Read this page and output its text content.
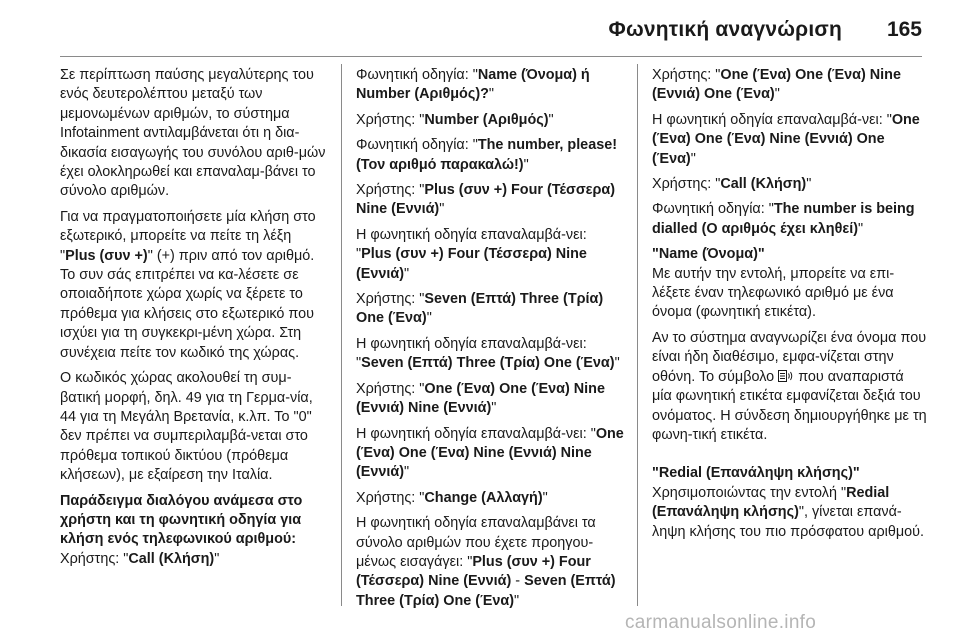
Φωνητική αναγνώριση 165

Σε περίπτωση παύσης μεγαλύτερης του ενός δευτερολέπτου μεταξύ των μεμονωμένων αριθμών, το σύστημα Infotainment αντιλαμβάνεται ότι η δια-δικασία εισαγωγής του συνόλου αριθ-μών έχει ολοκληρωθεί και επαναλαμ-βάνει το σύνολο αριθμών.

Για να πραγματοποιήσετε μία κλήση στο εξωτερικό, μπορείτε να πείτε τη λέξη "Plus (συν +)" (+) πριν από τον αριθμό. Το συν σάς επιτρέπει να κα-λέσετε σε οποιαδήποτε χώρα χωρίς να ξέρετε το πρόθεμα για κλήσεις στο εξωτερικό που ισχύει για τη συγκεκρι-μένη χώρα. Στη συνέχεια πείτε τον κωδικό της χώρας.

Ο κωδικός χώρας ακολουθεί τη συμ-βατική μορφή, δηλ. 49 για τη Γερμα-νία, 44 για τη Μεγάλη Βρετανία, κ.λπ. Το "0" δεν πρέπει να συμπεριλαμβά-νεται στο πρόθεμα τοπικού δικτύου (πρόθεμα κλήσεων), με εξαίρεση την Ιταλία.

Παράδειγμα διαλόγου ανάμεσα στο χρήστη και τη φωνητική οδηγία για κλήση ενός τηλεφωνικού αριθμού:

Χρήστης: "Call (Κλήση)"

Φωνητική οδηγία: "Name (Όνομα) ή Number (Αριθμός)?"

Χρήστης: "Number (Αριθμός)"

Φωνητική οδηγία: "The number, please! (Τον αριθμό παρακαλώ!)"

Χρήστης: "Plus (συν +) Four (Τέσσερα) Nine (Εννιά)"

Η φωνητική οδηγία επαναλαμβά-νει: "Plus (συν +) Four (Τέσσερα) Nine (Εννιά)"

Χρήστης: "Seven (Επτά) Three (Τρία) One (Ένα)"

Η φωνητική οδηγία επαναλαμβά-νει: "Seven (Επτά) Three (Τρία) One (Ένα)"

Χρήστης: "One (Ένα) One (Ένα) Nine (Εννιά) Nine (Εννιά)"

Η φωνητική οδηγία επαναλαμβά-νει: "One (Ένα) One (Ένα) Nine (Εννιά) Nine (Εννιά)"

Χρήστης: "Change (Αλλαγή)"

Η φωνητική οδηγία επαναλαμβάνει τα σύνολο αριθμών που έχετε προηγου-μένως εισαγάγει: "Plus (συν +) Four (Τέσσερα) Nine (Εννιά) - Seven (Επτά) Three (Τρία) One (Ένα)"

Χρήστης: "One (Ένα) One (Ένα) Nine (Εννιά) One (Ένα)"

Η φωνητική οδηγία επαναλαμβά-νει: "One (Ένα) One (Ένα) Nine (Εννιά) One (Ένα)"

Χρήστης: "Call (Κλήση)"

Φωνητική οδηγία: "The number is being dialled (Ο αριθμός έχει κληθεί)"

"Name (Όνομα)"

Με αυτήν την εντολή, μπορείτε να επι-λέξετε έναν τηλεφωνικό αριθμό με ένα όνομα (φωνητική ετικέτα).

Αν το σύστημα αναγνωρίζει ένα όνομα που είναι ήδη διαθέσιμο, εμφα-νίζεται στην οθόνη. Το σύμβολο  που αναπαριστά μία φωνητική ετικέτα εμφανίζεται δεξιά του ονόματος. Η σύνδεση δημιουργήθηκε με τη φωνη-τική ετικέτα.

"Redial (Επανάληψη κλήσης)"

Χρησιμοποιώντας την εντολή "Redial (Επανάληψη κλήσης)", γίνεται επανά-ληψη κλήσης του πιο πρόσφατου αριθμού.

carmanualsonline.info
